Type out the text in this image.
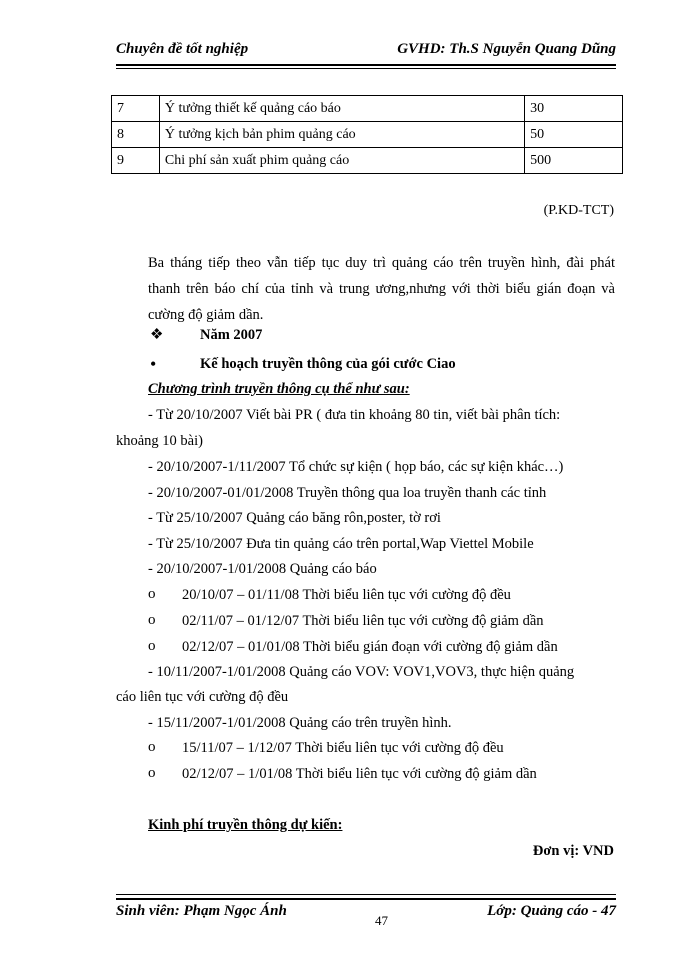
Chuyên đề tốt nghiệp	GVHD: Th.S Nguyễn Quang Dũng
7	Ý tưởng thiết kế quảng cáo báo	30
8	Ý tưởng kịch bản phim quảng cáo	50
9	Chi phí sản xuất phim quảng cáo	500
(P.KD-TCT)
Ba tháng tiếp theo vẫn tiếp tục duy trì quảng cáo trên truyền hình, đài phát thanh trên báo chí của tỉnh và trung ương,nhưng với thời biểu gián đoạn và cường độ giảm dần.
❖	Năm 2007
•	Kế hoạch truyền thông của gói cước Ciao
Chương trình truyền thông cụ thể như sau:
- Từ 20/10/2007 Viết bài PR ( đưa tin khoảng 80 tin, viết bài phân tích:
khoảng 10 bài)
- 20/10/2007-1/11/2007 Tổ chức sự kiện ( họp báo, các sự kiện khác…)
- 20/10/2007-01/01/2008 Truyền thông qua loa truyền thanh các tỉnh
- Từ 25/10/2007 Quảng cáo băng rôn,poster, tờ rơi
- Từ 25/10/2007 Đưa tin quảng cáo trên portal,Wap Viettel Mobile
- 20/10/2007-1/01/2008 Quảng cáo báo
o 20/10/07 – 01/11/08 Thời biểu liên tục với cường độ đều
o 02/11/07 – 01/12/07 Thời biểu liên tục với cường độ giảm dần
o 02/12/07 – 01/01/08 Thời biểu gián đoạn với cường độ giảm dần
- 10/11/2007-1/01/2008 Quảng cáo VOV: VOV1,VOV3, thực hiện quảng
cáo liên tục với cường độ đều
- 15/11/2007-1/01/2008 Quảng cáo trên truyền hình.
o 15/11/07 – 1/12/07 Thời biểu liên tục với cường độ đều
o 02/12/07 – 1/01/08 Thời biểu liên tục với cường độ giảm dần
Kinh phí truyền thông dự kiến:
Đơn vị: VND
Sinh viên: Phạm Ngọc Ánh	Lớp: Quảng cáo - 47
47
